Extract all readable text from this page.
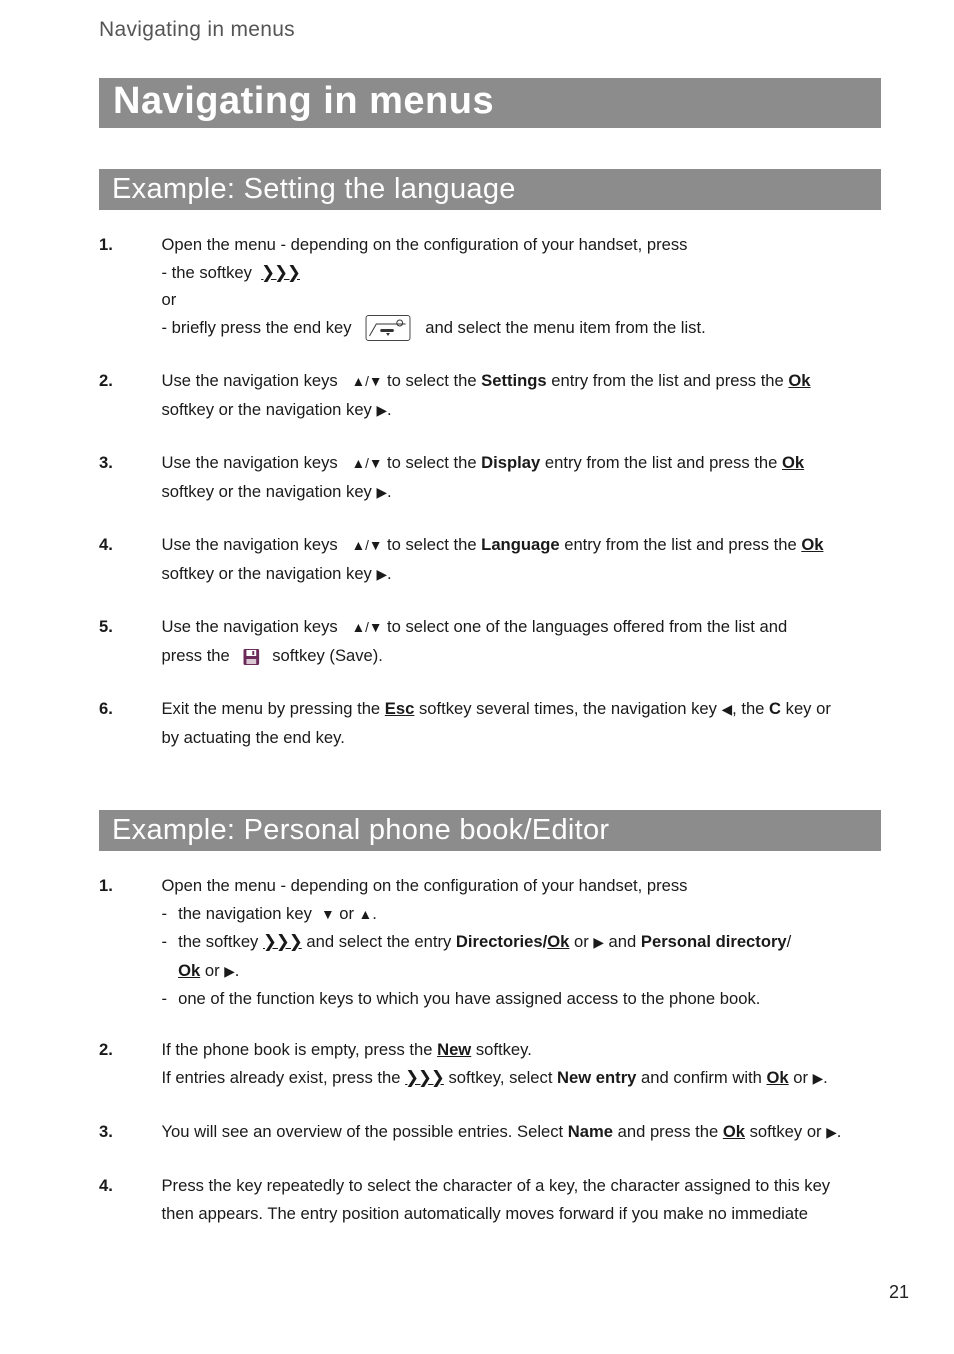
Navigating in menus
Navigating in menus
Example: Setting the language
1.	Open the menu - depending on the configuration of your handset, press
- the softkey ❯❯❯
or
- briefly press the end key	and select the menu item from the list.
2.	Use the navigation keys ▲/▼ to select the Settings entry from the list and press the Ok
softkey or the navigation key ▶.
3.	Use the navigation keys ▲/▼ to select the Display entry from the list and press the Ok
softkey or the navigation key ▶.
4.	Use the navigation keys ▲/▼ to select the Language entry from the list and press the Ok
softkey or the navigation key ▶.
5.	Use the navigation keys ▲/▼ to select one of the languages offered from the list and
press the softkey (Save).
6.	Exit the menu by pressing the Esc softkey several times, the navigation key ◀, the C key or
by actuating the end key.
Example: Personal phone book/Editor
1.	Open the menu - depending on the configuration of your handset, press
- the navigation key ▼ or ▲.
- the softkey ❯❯❯ and select the entry Directories/Ok or ▶ and Personal directory/
Ok or ▶.
- one of the function keys to which you have assigned access to the phone book.
2.	If the phone book is empty, press the New softkey.
If entries already exist, press the ❯❯❯ softkey, select New entry and confirm with Ok or ▶.
3.	You will see an overview of the possible entries. Select Name and press the Ok softkey or ▶.
4.	Press the key repeatedly to select the character of a key, the character assigned to this key
then appears. The entry position automatically moves forward if you make no immediate
21
